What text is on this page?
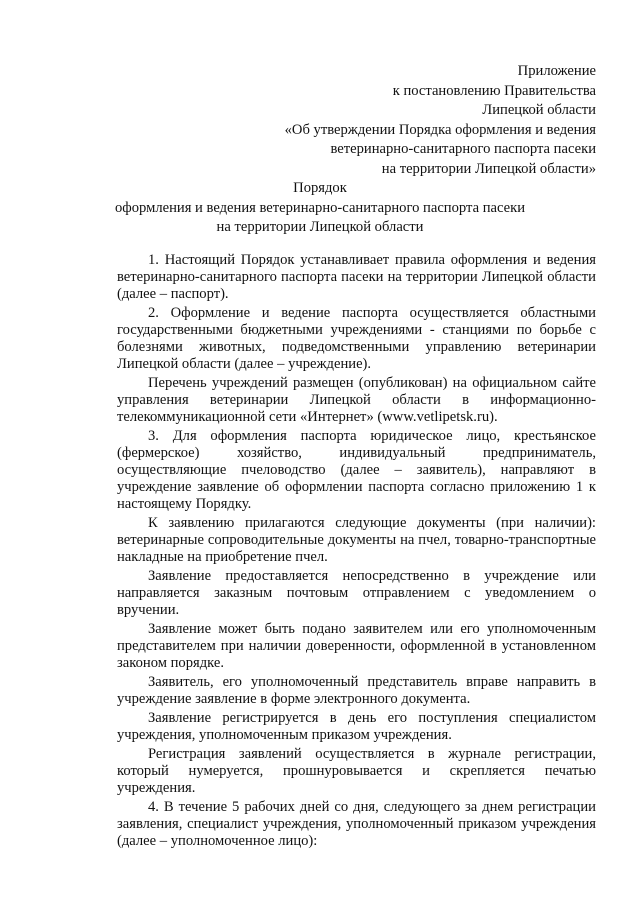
Приложение
к постановлению Правительства
Липецкой области
«Об утверждении Порядка оформления и ведения
ветеринарно-санитарного паспорта пасеки
на территории Липецкой области»
Порядок
оформления и ведения ветеринарно-санитарного паспорта пасеки
на территории Липецкой области

1. Настоящий Порядок устанавливает правила оформления и ведения ветеринарно-санитарного паспорта пасеки на территории Липецкой области (далее – паспорт).

2. Оформление и ведение паспорта осуществляется областными государственными бюджетными учреждениями - станциями по борьбе с болезнями животных, подведомственными управлению ветеринарии Липецкой области (далее – учреждение).

Перечень учреждений размещен (опубликован) на официальном сайте управления ветеринарии Липецкой области в информационно-телекоммуникационной сети «Интернет» (www.vetlipetsk.ru).

3. Для оформления паспорта юридическое лицо, крестьянское (фермерское) хозяйство, индивидуальный предприниматель, осуществляющие пчеловодство (далее – заявитель), направляют в учреждение заявление об оформлении паспорта согласно приложению 1 к настоящему Порядку.

К заявлению прилагаются следующие документы (при наличии): ветеринарные сопроводительные документы на пчел, товарно-транспортные накладные на приобретение пчел.

Заявление предоставляется непосредственно в учреждение или направляется заказным почтовым отправлением с уведомлением о вручении.

Заявление может быть подано заявителем или его уполномоченным представителем при наличии доверенности, оформленной в установленном законом порядке.

Заявитель, его уполномоченный представитель вправе направить в учреждение заявление в форме электронного документа.

Заявление регистрируется в день его поступления специалистом учреждения, уполномоченным приказом учреждения.

Регистрация заявлений осуществляется в журнале регистрации, который нумеруется, прошнуровывается и скрепляется печатью учреждения.

4. В течение 5 рабочих дней со дня, следующего за днем регистрации заявления, специалист учреждения, уполномоченный приказом учреждения (далее – уполномоченное лицо):
